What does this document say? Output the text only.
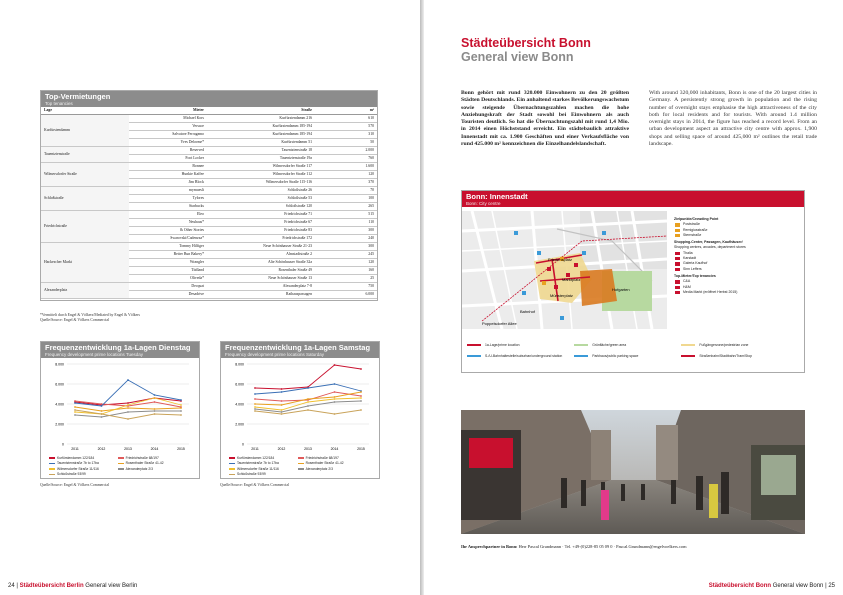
Top-Vermietungen
Top tenancies
Lage	Mieter	Straße	m²
Kurfürstendamm	Michael Kors	Kurfürstendamm 216	610
	Versace	Kurfürstendamm 185-194	570
	Salvatore Ferragamo	Kurfürstendamm 185-194	310
	Yves Delorme*	Kurfürstendamm 51	50
Tauentzienstraße	Reserved	Tauentzienstraße 18	2.000
	Foot Locker	Tauentzienstraße 19a	760
Wilmersdorfer Straße	Bonnee	Wilmersdorfer Straße 117	1.600
	Hunkie Kaffee	Wilmersdorfer Straße 112	120
	Jim Block	Wilmersdorfer Straße 115-116	370
Schloßstraße	mymuesli	Schloßstraße 26	70
	Tylores	Schloßstraße 53	100
	Starbucks	Schloßstraße 120	265
Friedrichstraße	Eleo	Friedrichstraße 71	515
	Neuhaus*	Friedrichstraße 67	110
	& Other Stories	Friedrichstraße 83	300
	Swarovski/Cadenzza*	Friedrichstraße 172	240
Hackescher Markt	Tommy Hilfiger	Neue Schönhauser Straße 21-23	300
	Better Bun Bakery*	Almstadtstraße 2	245
	Wrangler	Alte Schönhauser Straße 32a	120
	Tiidland	Rosenthaler Straße 49	160
	Oliveda*	Neue Schönhauser Straße 13	25
Alexanderplatz	Decquat	Alexanderplatz 7-8	750
	Desadrive	Rathauspassagen	6.000
*Vermittelt durch Engel & Völkers/Mediated by Engel & Völkers
Quelle/Source: Engel & Völkers Commercial
Frequenzentwicklung 1a-Lagen Dienstag
Frequency development prime locations Tuesday
0
2.000
4.000
6.000
8.000
2011	2012	2013	2014	2015
Kurfürstendamm 122/184	Friedrichstraße 68/197Tauentzienstraße 7b to 17ba	Rosenthaler Straße 41-42Wilmersdorfer Straße 11/116	Alexanderplatz 2/3Schloßstraße 93/99
Quelle/Source: Engel & Völkers Commercial
Frequenzentwicklung 1a-Lagen Samstag
Frequency development prime locations Saturday
0
2.000
4.000
6.000
8.000
2011	2012	2013	2014	2015
Kurfürstendamm 122/184	Friedrichstraße 68/197Tauentzienstraße 7b to 17ba	Rosenthaler Straße 41-42Wilmersdorfer Straße 11/116	Alexanderplatz 2/3Schloßstraße 93/99
Quelle/Source: Engel & Völkers Commercial
24 | Städteübersicht Berlin General view Berlin
Städteübersicht Bonn
General view Bonn
Bonn gehört mit rund 320.000 Einwohnern zu den 20 größten Städten Deutschlands. Ein anhaltend starkes Bevölkerungswachstum sowie steigende Übernachtungszahlen machen die hohe Anziehungskraft der Stadt sowohl bei Einwohnern als auch Touristen deutlich. So hat die Übernachtungszahl mit rund 1,4 Mio. in 2014 einen Höchststand erreicht. Ein städtebaulich attraktive Innenstadt mit ca. 1.900 Geschäften und einer Verkaufsfläche von rund 425.000 m² kennzeichnen die Einzelhandelslandschaft.
With around 320,000 inhabitants, Bonn is one of the 20 largest cities in Germany. A persistently strong growth in population and the rising number of overnight stays emphasise the high attractiveness of the city both for local residents and for tourists. With around 1.4 million overnight stays in 2014, the figure has reached a record level. From an urban development aspect an attractive city centre with approx. 1,900 shops and selling space of around 425,000 m² outlines the retail trade landscape.
Bonn: Innenstadt
Bonn: City centre
Friedensplatz
Marktplatz
Münsterplatz
Bahnhof
Poppelsdorfer Allee
Hofgarten
Zielpunkte/Crowding Point
Poststraße
Remigiusstraße
Sternstraße
Shopping-Center, Passagen, Kaufhäuser/
Shopping centres, arcades, department stores
Thalia
Karstadt
Galeria Kaufhof
Sinn Leffers
Top-Mieter/Top tenancies
C&A
H&M
Media Markt (eröffnet Herbst 2015)
1a-Lage/prime location	Grünfläche/green area	Fußgängerzone/pedestrian zoneS-/U-Bahnhaltestelle/suburban/underground station	Parkhaus/public parking space	Straßenbahn/Stadtbahn/Tram/Stop
Ihr Ansprechpartner in Bonn: Herr Pascal Grundmann · Tel. +49-(0)228-85 05 09 0 · Pascal.Grundmann@engelvoelkers.com
Städteübersicht Bonn General view Bonn | 25
